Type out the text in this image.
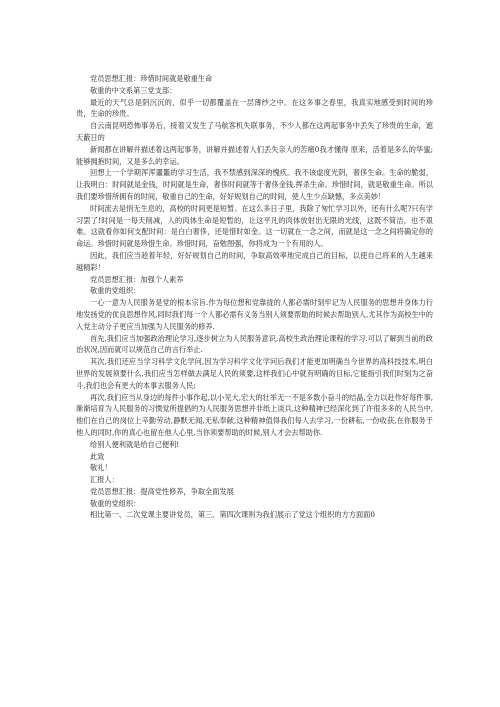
党员思想汇报：珍惜时间就是敬重生命
敬重的中文系第三党支部：
最近的天气总是阴沉沉的，似乎一切都覆盖在一层薄纱之中。在这多事之春里，我真实地感受到时间的珍贵，生命的珍贵。
自云南昆明恐怖事务后，接着又发生了马航客机失联事务，不少人都在这两起事务中丢失了珍贵的生命，遮天蔽日的
新闻都在讲解并描述着这两起事务，讲解并描述着人们丢失亲人的苦痛0我才懂得 原来，活着是多么的华蜜;能够拥抱时间，又是多么的幸运。
回想上一个学期浑浑噩噩的学习生活，我不禁感到深深的愧疚。我不该虚度光阴，奢侈生命。生命的脆弱，让我明白：时间就是金钱，时间就是生命，奢侈时间就等于奢侈金钱,挥杀生命。珍惜时间，就是敬重生命。所以我们要珍惜所拥有的时间，敬重自己的生命，好好规划自己的时间，使人生少点缺憾，多点美妙！
时间流去是悄无生息的，高校的时间更是短暂。在这么多日子里，我除了匆忙学习以外，还有什么呢?只有学习罢了!时间是一每天削减，人的肉体生命是短暂的，让这平凡的肉体放射出无限的光线，这既不简洁，也不艰难。这就看你如何支配时间：是白白奢侈，还是惜时如金。这一切就在一念之间，而就是这一念之间将确定你的命运。珍惜时间就是珍惜生命。珍惜时间，奋勉图强，你将成为一个有用的人。
因此，我们应当趁着年轻，好好规划自己的时间，争取高效率地完成自己的目标，以使自己将来的人生越来越精彩！
党员思想汇报：加强个人素养
敬重的党组织：
一心一意为人民服务是党的根本宗旨.作为每位想和党靠拢的人都必需时刻牢记为人民服务的思想并身体力行地发扬党的优良思想作风,同时我们每一个人都必需有义务当别人须要帮助的时候去帮助别人,尤其作为高校生中的入党主动分子更应当加强为人民服务的修养.
首先,我们应当加强政治理论学习,逐步树立为人民服务意识,高校生政治理论课程的学习.可以了解到当前的政治状况,因而就可以规范自己的言行举止.
其次,我们还应当学习科学文化学问,因为学习科学文化学问后我们才能更加明确当今世界的高科技技术,明白世界的发展须要什么,我们应当怎样做去满足人民的须要,这样我们心中就有明确的目标,它能指引我们时刻为之奋斗,我们也会有更大的本事去服务人民;
再次,我们应当从身边的每件小事作起,以小见大,宏大的壮举无一不是多数小奋斗的结晶,全力以赴作好每件事,渐渐培育为人民服务的习惯觉所提倡的为人民服务思想并非纸上谈兵,这种精神已经深化到了许很多多的人民当中,他们在自己的岗位上辛勤劳动,静默无闻,无私奉献,这种精神值得我们每人去学习,一份耕耘,一份收获,在你服务于他人的同时,你的真心也留在他人心里,当你须要帮助的时候,别人才会去帮助你.
给别人便利就是给自己便利!
此致
敬礼！
汇报人：
党员思想汇报：提高党性修养，争取全面发展
敬重的党组织：
相比第一、二次党课主要讲党员，第三、第四次课则为我们展示了党这个组织的方方面面0
